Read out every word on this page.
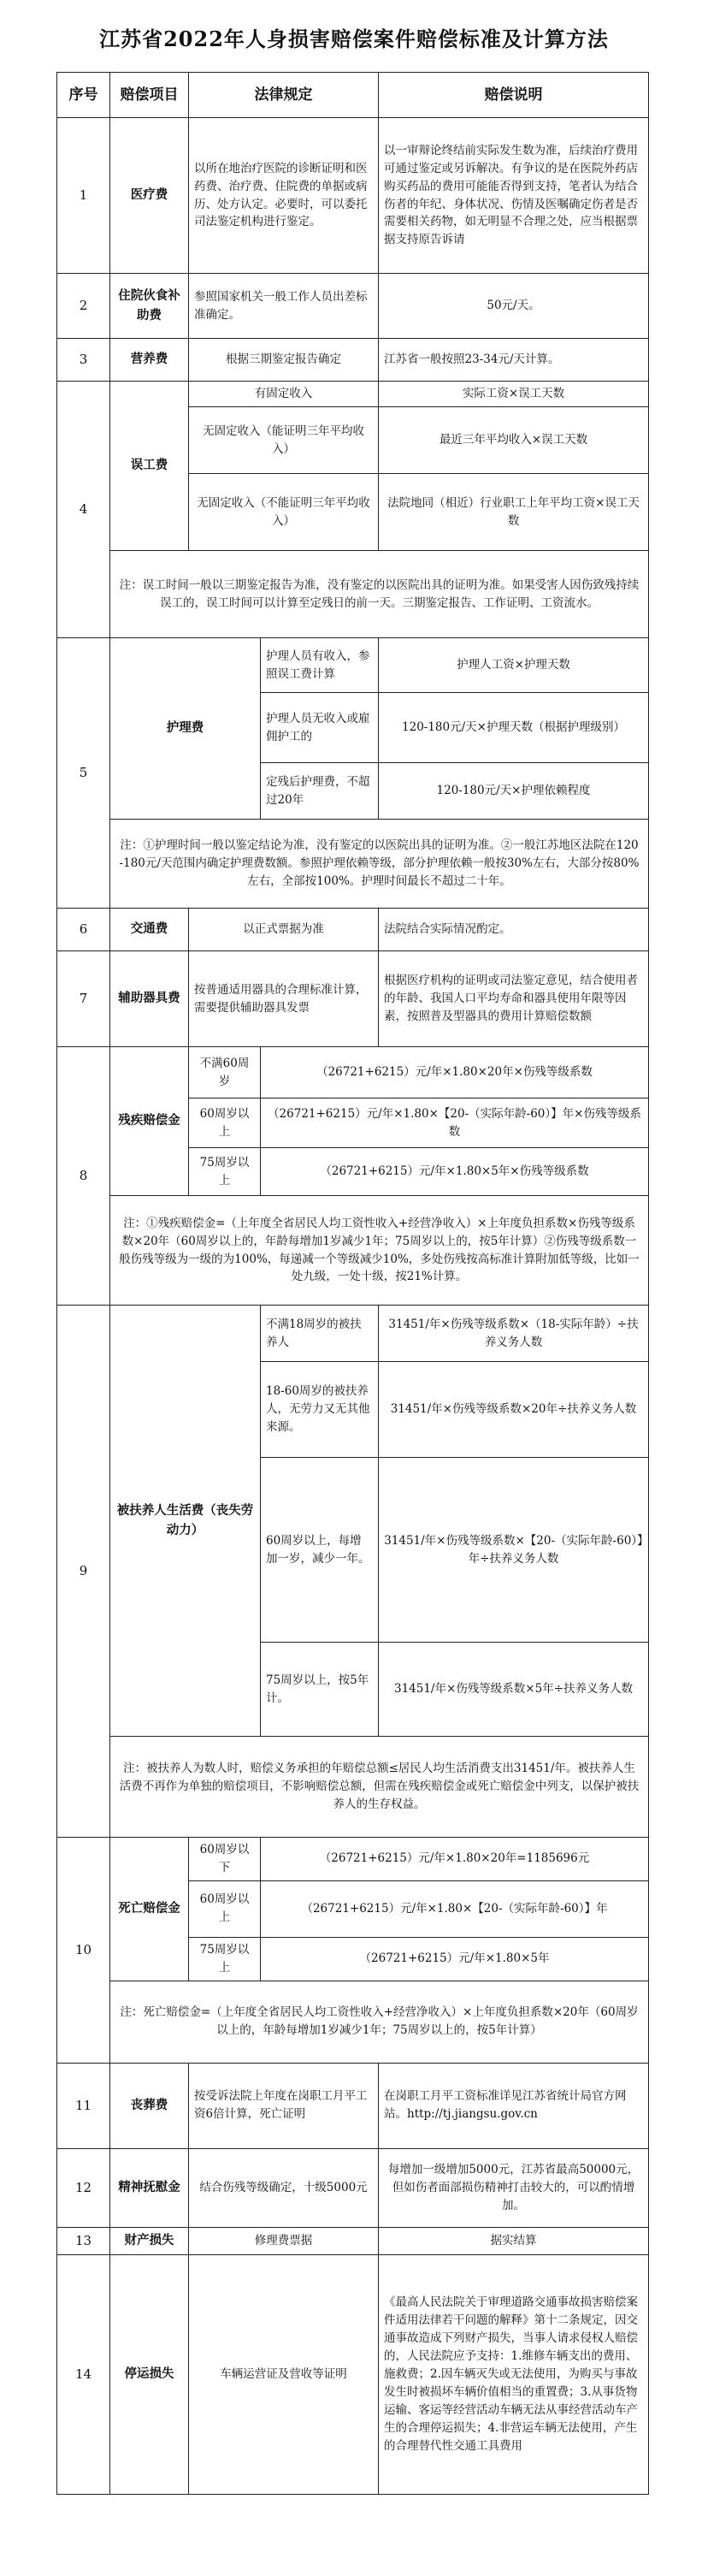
江苏省2022年人身损害赔偿案件赔偿标准及计算方法
序号	赔偿项目	法律规定		赔偿说明
1	医疗费	以所在地治疗医院的诊断证明和医药费、治疗费、住院费的单据或病历、处方认定。必要时，可以委托司法鉴定机构进行鉴定。		以一审辩论终结前实际发生数为准，后续治疗费用可通过鉴定或另诉解决。有争议的是在医院外药店购买药品的费用可能能否得到支持，笔者认为结合伤者的年纪、身体状况、伤情及医嘱确定伤者是否需要相关药物，如无明显不合理之处，应当根据票据支持原告诉请
2	住院伙食补助费	参照国家机关一般工作人员出差标准确定。		50元/天。
3	营养费	根据三期鉴定报告确定		江苏省一般按照23-34元/天计算。
4	误工费	有固定收入		实际工资×误工天数
		无固定收入（能证明三年平均收入）		最近三年平均收入×误工天数
		无固定收入（不能证明三年平均收入）		法院地同（相近）行业职工上年平均工资×误工天数
	注：误工时间一般以三期鉴定报告为准，没有鉴定的以医院出具的证明为准。如果受害人因伤致残持续误工的，误工时间可以计算至定残日的前一天。三期鉴定报告、工作证明、工资流水。			
5	护理费		护理人员有收入，参照误工费计算	护理人工资×护理天数
			护理人员无收入或雇佣护工的	120-180元/天×护理天数（根据护理级别）
			定残后护理费，不超过20年	120-180元/天×护理依赖程度
	注：①护理时间一般以鉴定结论为准，没有鉴定的以医院出具的证明为准。②一般江苏地区法院在120-180元/天范围内确定护理费数额。参照护理依赖等级，部分护理依赖一般按30%左右，大部分按80%左右，全部按100%。护理时间最长不超过二十年。			
6	交通费	以正式票据为准		法院结合实际情况酌定。
7	辅助器具费	按普通适用器具的合理标准计算，需要提供辅助器具发票		根据医疗机构的证明或司法鉴定意见，结合使用者的年龄、我国人口平均寿命和器具使用年限等因素，按照普及型器具的费用计算赔偿数额
8	残疾赔偿金	不满60周岁	（26721+6215）元/年×1.80×20年×伤残等级系数	
		60周岁以上	（26721+6215）元/年×1.80×【20-（实际年龄-60）】年×伤残等级系数	
		75周岁以上	（26721+6215）元/年×1.80×5年×伤残等级系数	
	注：①残疾赔偿金=（上年度全省居民人均工资性收入+经营净收入）×上年度负担系数×伤残等级系数×20年（60周岁以上的，年龄每增加1岁减少1年；75周岁以上的，按5年计算）②伤残等级系数一般伤残等级为一级的为100%，每递减一个等级减少10%，多处伤残按高标准计算附加低等级，比如一处九级，一处十级，按21%计算。			
9	被扶养人生活费（丧失劳动力）		不满18周岁的被扶养人	31451/年×伤残等级系数×（18-实际年龄）÷扶养义务人数
			18-60周岁的被扶养人，无劳力又无其他来源。	31451/年×伤残等级系数×20年÷扶养义务人数
			60周岁以上，每增加一岁，减少一年。	31451/年×伤残等级系数×【20-（实际年龄-60）】年÷扶养义务人数
			75周岁以上，按5年计。	31451/年×伤残等级系数×5年÷扶养义务人数
	注：被扶养人为数人时，赔偿义务承担的年赔偿总额≤居民人均生活消费支出31451/年。被扶养人生活费不再作为单独的赔偿项目，不影响赔偿总额，但需在残疾赔偿金或死亡赔偿金中列支，以保护被扶养人的生存权益。			
10	死亡赔偿金	60周岁以下	（26721+6215）元/年×1.80×20年=1185696元	
		60周岁以上	（26721+6215）元/年×1.80×【20-（实际年龄-60）】年	
		75周岁以上	（26721+6215）元/年×1.80×5年	
	注：死亡赔偿金=（上年度全省居民人均工资性收入+经营净收入）×上年度负担系数×20年（60周岁以上的，年龄每增加1岁减少1年；75周岁以上的，按5年计算）			
11	丧葬费	按受诉法院上年度在岗职工月平工资6倍计算，死亡证明		在岗职工月平工资标准详见江苏省统计局官方网站。http://tj.jiangsu.gov.cn
12	精神抚慰金	结合伤残等级确定，十级5000元		每增加一级增加5000元，江苏省最高50000元，但如伤者面部损伤精神打击较大的，可以酌情增加。
13	财产损失	修理费票据		据实结算
14	停运损失	车辆运营证及营收等证明		《最高人民法院关于审理道路交通事故损害赔偿案件适用法律若干问题的解释》第十二条规定，因交通事故造成下列财产损失，当事人请求侵权人赔偿的，人民法院应予支持：1.维修车辆支出的费用、施救费；2.因车辆灭失或无法使用，为购买与事故发生时被损坏车辆价值相当的重置费；3.从事货物运输、客运等经营活动车辆无法从事经营活动车产生的合理停运损失；4.非营运车辆无法使用，产生的合理替代性交通工具费用
